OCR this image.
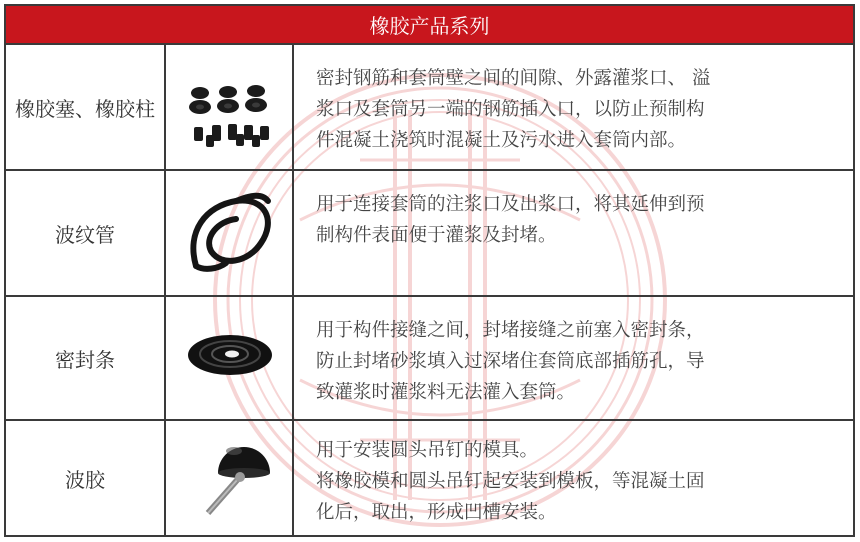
橡胶产品系列
橡胶塞、橡胶柱
密封钢筋和套筒壁之间的间隙、外露灌浆口、 溢
浆口及套筒另一端的钢筋插入口，以防止预制构
件混凝土浇筑时混凝土及污水进入套筒内部。
波纹管
用于连接套筒的注浆口及出浆口，将其延伸到预
制构件表面便于灌浆及封堵。
密封条
用于构件接缝之间，封堵接缝之前塞入密封条，
防止封堵砂浆填入过深堵住套筒底部插筋孔，导
致灌浆时灌浆料无法灌入套筒。
波胶
用于安装圆头吊钉的模具。
将橡胶模和圆头吊钉起安装到模板，等混凝土固
化后，取出，形成凹槽安装。
